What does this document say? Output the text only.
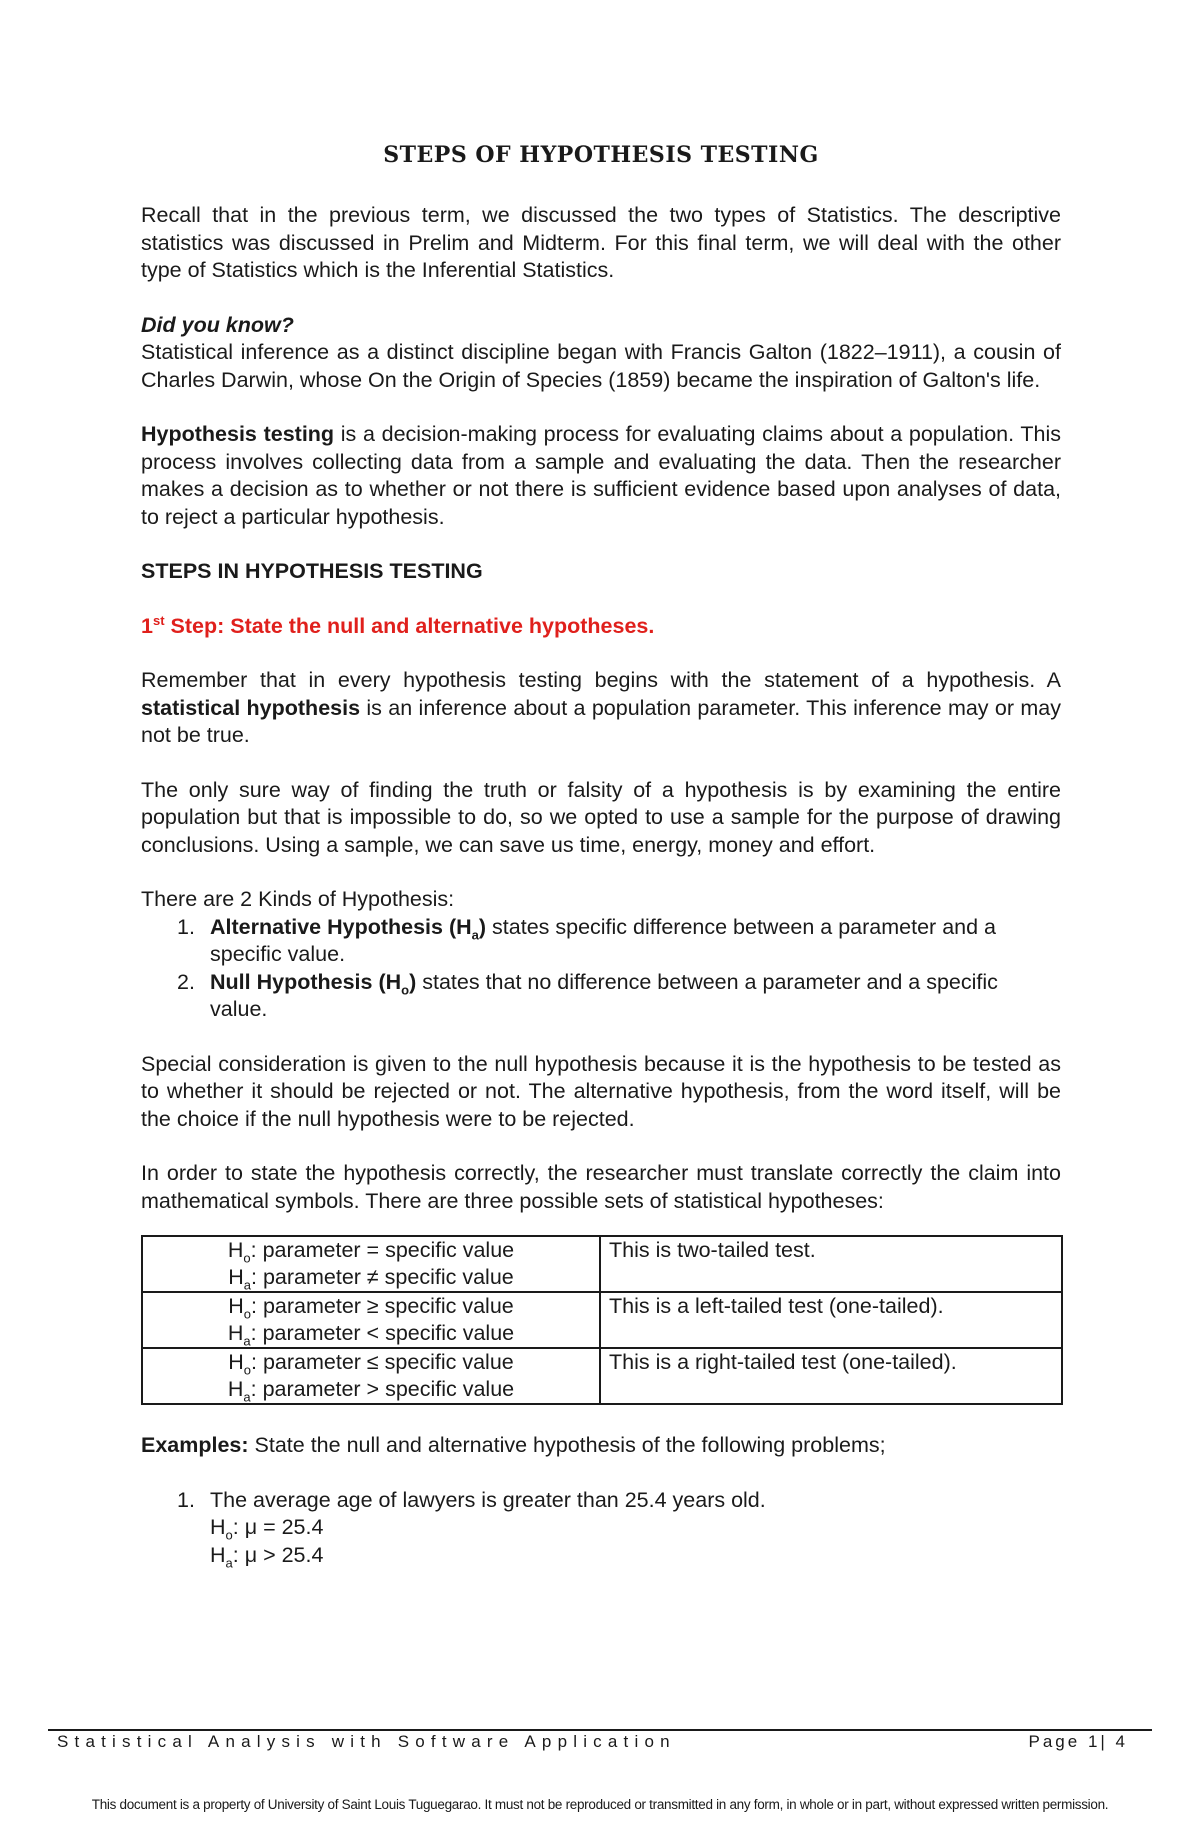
STEPS OF HYPOTHESIS TESTING

Recall that in the previous term, we discussed the two types of Statistics. The descriptive statistics was discussed in Prelim and Midterm. For this final term, we will deal with the other type of Statistics which is the Inferential Statistics.

Did you know?

Statistical inference as a distinct discipline began with Francis Galton (1822–1911), a cousin of Charles Darwin, whose On the Origin of Species (1859) became the inspiration of Galton's life.

Hypothesis testing is a decision-making process for evaluating claims about a population. This process involves collecting data from a sample and evaluating the data. Then the researcher makes a decision as to whether or not there is sufficient evidence based upon analyses of data, to reject a particular hypothesis.

STEPS IN HYPOTHESIS TESTING

1st Step: State the null and alternative hypotheses.

Remember that in every hypothesis testing begins with the statement of a hypothesis. A statistical hypothesis is an inference about a population parameter. This inference may or may not be true.

The only sure way of finding the truth or falsity of a hypothesis is by examining the entire population but that is impossible to do, so we opted to use a sample for the purpose of drawing conclusions. Using a sample, we can save us time, energy, money and effort.

There are 2 Kinds of Hypothesis:

1. Alternative Hypothesis $(H_a)$ states specific difference between a parameter and a specific value.
2. Null Hypothesis $(H_o)$ states that no difference between a parameter and a specific value.

Special consideration is given to the null hypothesis because it is the hypothesis to be tested as to whether it should be rejected or not. The alternative hypothesis, from the word itself, will be the choice if the null hypothesis were to be rejected.

In order to state the hypothesis correctly, the researcher must translate correctly the claim into mathematical symbols. There are three possible sets of statistical hypotheses:

$H_o$: parameter = specific value
$H_a$: parameter ≠ specific value	This is two-tailed test.

$H_o$: parameter ≥ specific value
$H_a$: parameter < specific value	This is a left-tailed test (one-tailed).

$H_o$: parameter ≤ specific value
$H_a$: parameter > specific value	This is a right-tailed test (one-tailed).

Examples: State the null and alternative hypothesis of the following problems;

1. The average age of lawyers is greater than 25.4 years old.
$H_o$: μ = 25.4
$H_a$: μ > 25.4
Statistical Analysis with Software Application	Page 1| 4
This document is a property of University of Saint Louis Tuguegarao. It must not be reproduced or transmitted in any form, in whole or in part, without expressed written permission.
